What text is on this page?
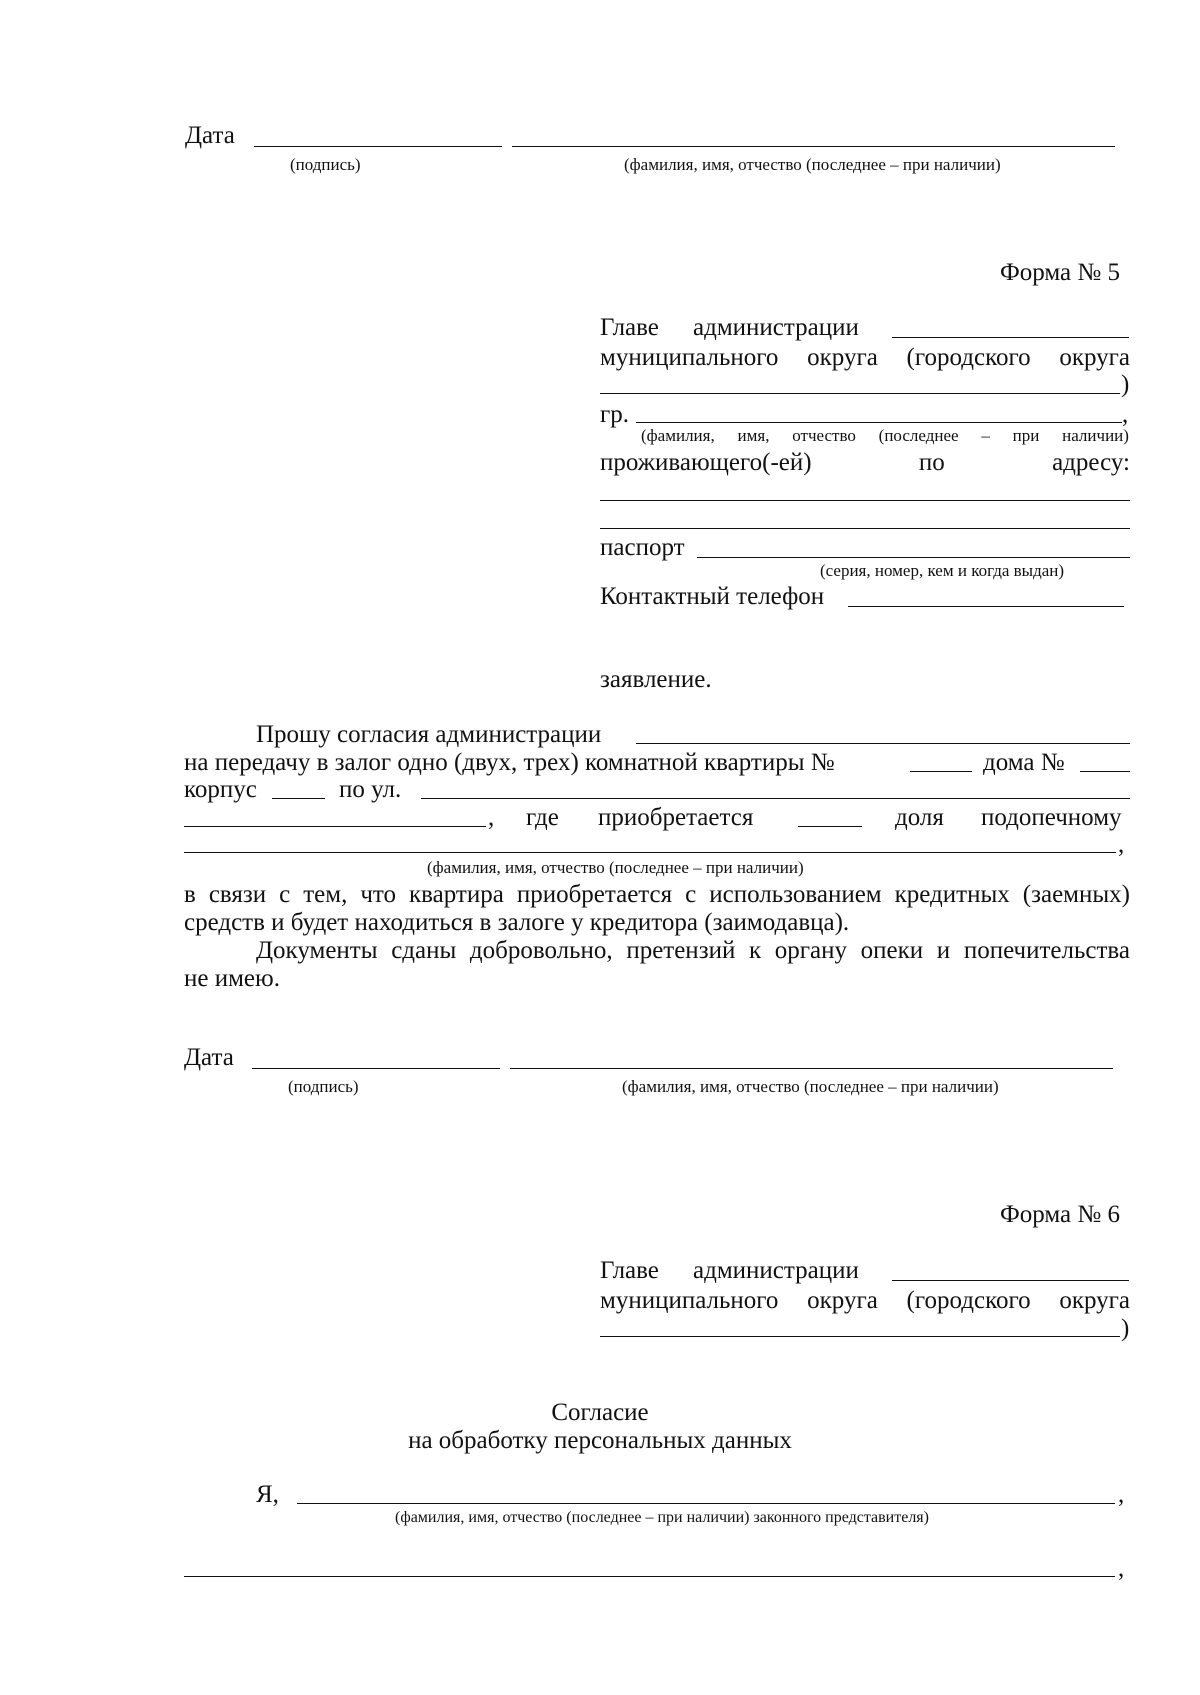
Дата
(подпись)	(фамилия, имя, отчество (последнее – при наличии)
Форма № 5
Главе администрации
муниципального округа (городского округа
)
гр.	,
(фамилия, имя, отчество (последнее – при наличии)
проживающего(-ей)	по	адресу:
паспорт
(серия, номер, кем и когда выдан)
Контактный телефон
заявление.
Прошу согласия администрации
на передачу в залог одно (двух, трех) комнатной квартиры №	дома №
корпус	по ул.
, где приобретается	доля подопечному
,
(фамилия, имя, отчество (последнее – при наличии)
в связи с тем, что квартира приобретается с использованием кредитных (заемных)
средств и будет находиться в залоге у кредитора (заимодавца).
Документы сданы добровольно, претензий к органу опеки и попечительства
не имею.
Дата
(подпись)	(фамилия, имя, отчество (последнее – при наличии)
Форма № 6
Главе администрации
муниципального округа (городского округа
)
Согласие
на обработку персональных данных
Я,	,
(фамилия, имя, отчество (последнее – при наличии) законного представителя)
,
